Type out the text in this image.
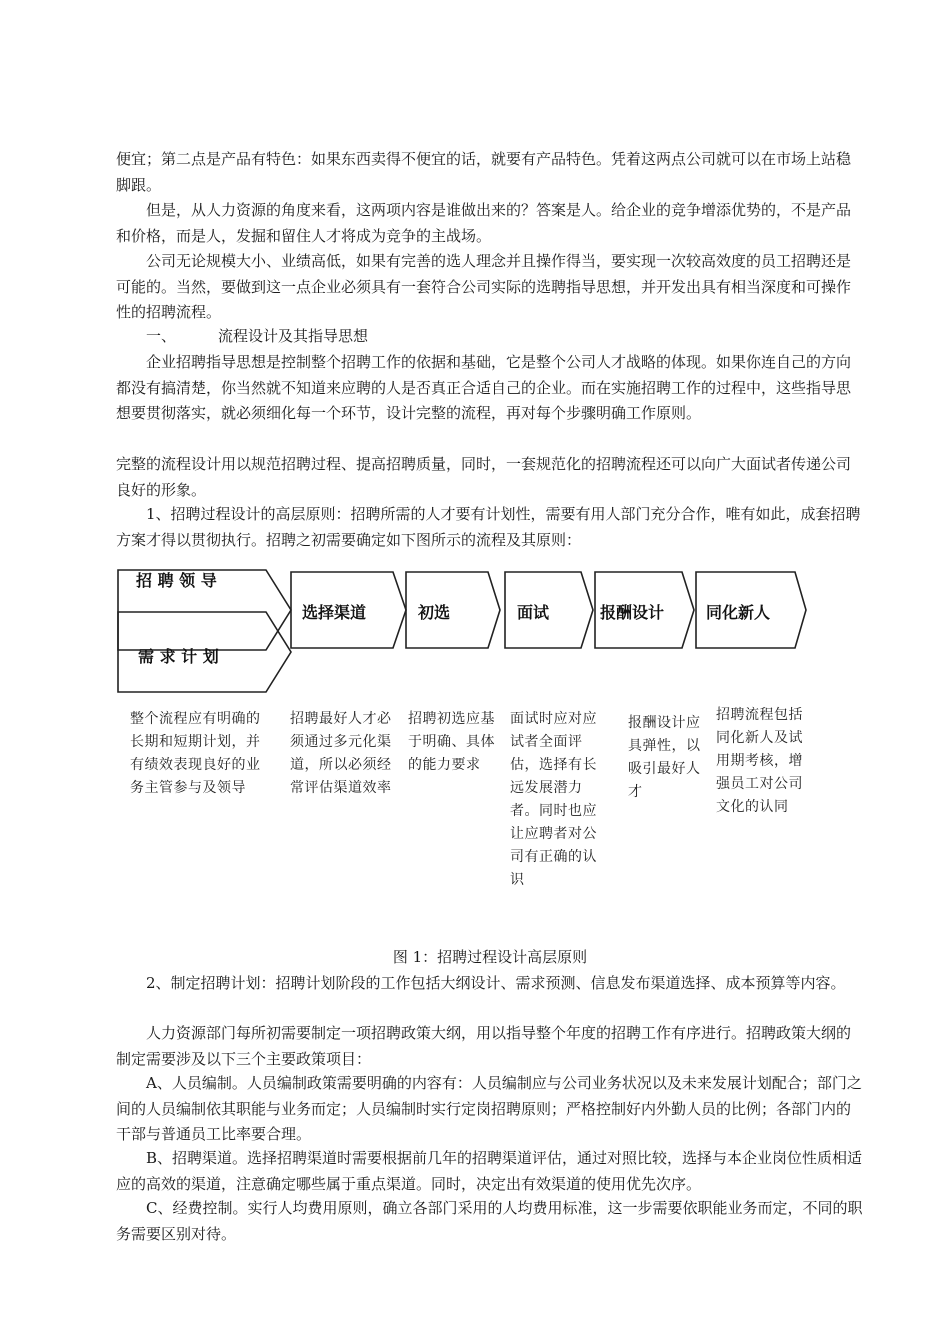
便宜；第二点是产品有特色：如果东西卖得不便宜的话，就要有产品特色。凭着这两点公司就可以在市场上站稳脚跟。

但是，从人力资源的角度来看，这两项内容是谁做出来的？答案是人。给企业的竞争增添优势的，不是产品和价格，而是人，发掘和留住人才将成为竞争的主战场。

公司无论规模大小、业绩高低，如果有完善的选人理念并且操作得当，要实现一次较高效度的员工招聘还是可能的。当然，要做到这一点企业必须具有一套符合公司实际的选聘指导思想，并开发出具有相当深度和可操作性的招聘流程。

一、	流程设计及其指导思想

企业招聘指导思想是控制整个招聘工作的依据和基础，它是整个公司人才战略的体现。如果你连自己的方向都没有搞清楚，你当然就不知道来应聘的人是否真正合适自己的企业。而在实施招聘工作的过程中，这些指导思想要贯彻落实，就必须细化每一个环节，设计完整的流程，再对每个步骤明确工作原则。

完整的流程设计用以规范招聘过程、提高招聘质量，同时，一套规范化的招聘流程还可以向广大面试者传递公司良好的形象。

1、招聘过程设计的高层原则：招聘所需的人才要有计划性，需要有用人部门充分合作，唯有如此，成套招聘方案才得以贯彻执行。招聘之初需要确定如下图所示的流程及其原则：

招 聘 领 导
需 求 计 划
选择渠道	初选	面试	报酬设计	同化新人

整个流程应有明确的长期和短期计划，并有绩效表现良好的业务主管参与及领导

招聘最好人才必须通过多元化渠道，所以必须经常评估渠道效率

招聘初选应基于明确、具体的能力要求

面试时应对应试者全面评估，选择有长远发展潜力者。同时也应让应聘者对公司有正确的认识

报酬设计应具弹性，以吸引最好人才

招聘流程包括同化新人及试用期考核，增强员工对公司文化的认同

图 1：招聘过程设计高层原则

2、制定招聘计划：招聘计划阶段的工作包括大纲设计、需求预测、信息发布渠道选择、成本预算等内容。

人力资源部门每所初需要制定一项招聘政策大纲，用以指导整个年度的招聘工作有序进行。招聘政策大纲的制定需要涉及以下三个主要政策项目：

A、人员编制。人员编制政策需要明确的内容有：人员编制应与公司业务状况以及未来发展计划配合；部门之间的人员编制依其职能与业务而定；人员编制时实行定岗招聘原则；严格控制好内外勤人员的比例；各部门内的干部与普通员工比率要合理。

B、招聘渠道。选择招聘渠道时需要根据前几年的招聘渠道评估，通过对照比较，选择与本企业岗位性质相适应的高效的渠道，注意确定哪些属于重点渠道。同时，决定出有效渠道的使用优先次序。

C、经费控制。实行人均费用原则，确立各部门采用的人均费用标准，这一步需要依职能业务而定，不同的职务需要区别对待。
